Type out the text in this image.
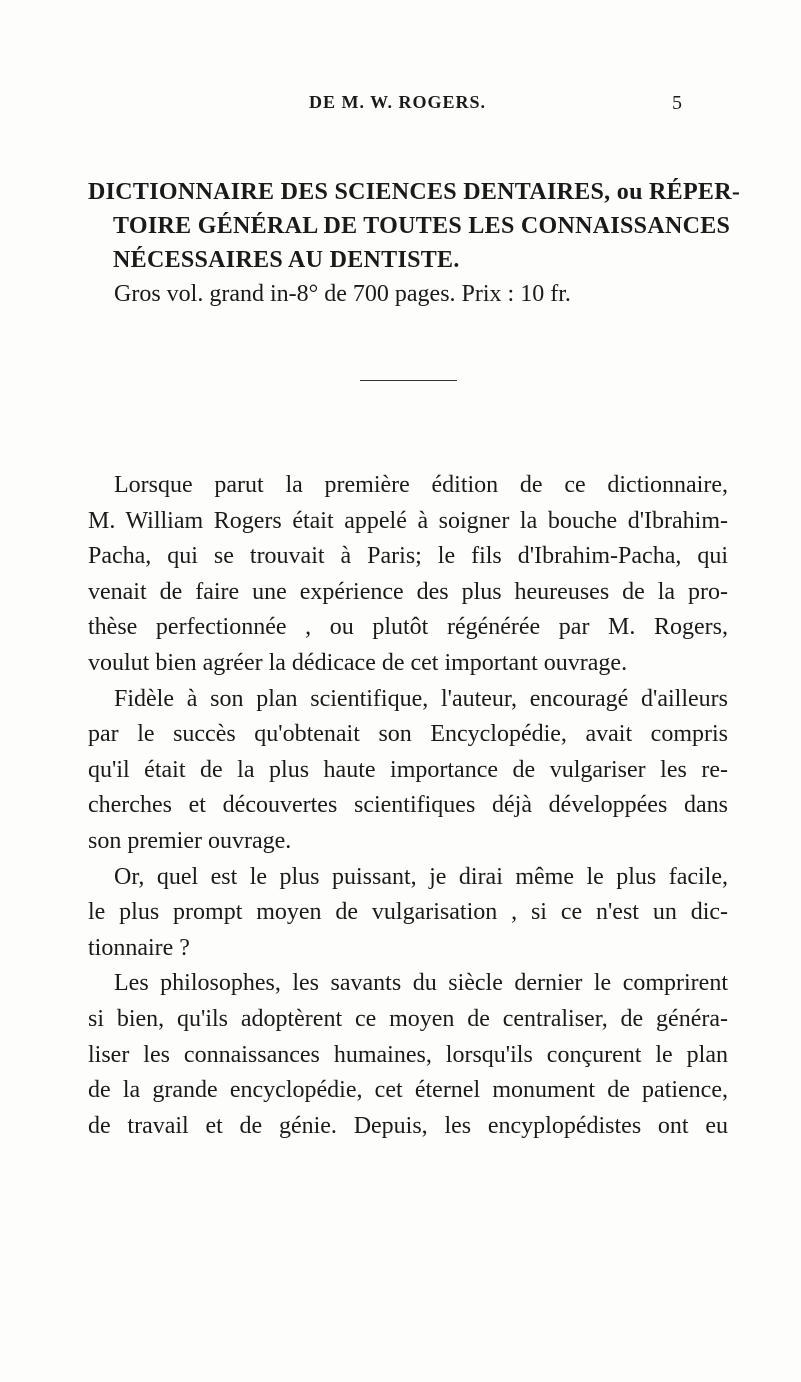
DE M. W. ROGERS.	5
DICTIONNAIRE DES SCIENCES DENTAIRES, ou RÉPER-
TOIRE GÉNÉRAL DE TOUTES LES CONNAISSANCES
NÉCESSAIRES AU DENTISTE.
Gros vol. grand in-8° de 700 pages. Prix : 10 fr.
Lorsque parut la première édition de ce dictionnaire,
M. William Rogers était appelé à soigner la bouche d'Ibrahim-
Pacha, qui se trouvait à Paris; le fils d'Ibrahim-Pacha, qui
venait de faire une expérience des plus heureuses de la pro-
thèse perfectionnée , ou plutôt régénérée par M. Rogers,
voulut bien agréer la dédicace de cet important ouvrage.
Fidèle à son plan scientifique, l'auteur, encouragé d'ailleurs
par le succès qu'obtenait son Encyclopédie, avait compris
qu'il était de la plus haute importance de vulgariser les re-
cherches et découvertes scientifiques déjà développées dans
son premier ouvrage.
Or, quel est le plus puissant, je dirai même le plus facile,
le plus prompt moyen de vulgarisation , si ce n'est un dic-
tionnaire ?
Les philosophes, les savants du siècle dernier le comprirent
si bien, qu'ils adoptèrent ce moyen de centraliser, de généra-
liser les connaissances humaines, lorsqu'ils conçurent le plan
de la grande encyclopédie, cet éternel monument de patience,
de travail et de génie. Depuis, les encyplopédistes ont eu
